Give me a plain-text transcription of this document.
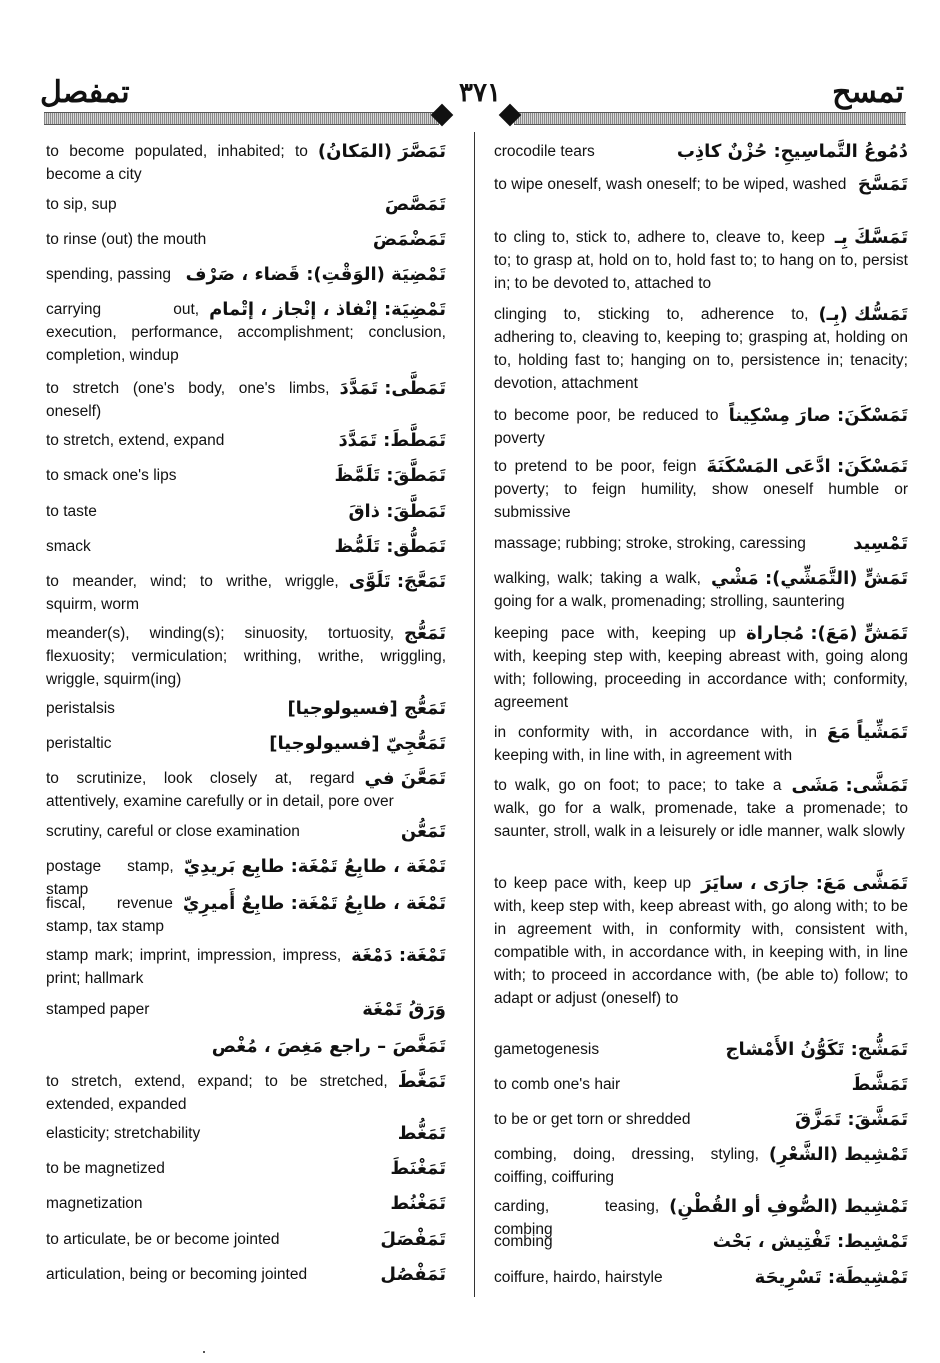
تمفصل	٣٧١	تمسح
تَمَصَّرَ (المَكانُ)
to become populated, inhabited; to become a city
تَمَصَّصَ
to sip, sup
تَمَضْمَضَ
to rinse (out) the mouth
تَمْضِيَة (الوَقْتِ): قَضاء ، صَرْف
spending, passing
تَمْضِيَة: إنْفاذ ، إنْجاز ، إتْمام
carrying out, execution, performance, accomplishment; conclusion, completion, windup
تَمَطَّى: تَمَدَّدَ
to stretch (one's body, one's limbs, oneself)
تَمَطَّطَ: تَمَدَّدَ
to stretch, extend, expand
تَمَطَّقَ: تَلَمَّظَ
to smack one's lips
تَمَطَّقَ: ذاقَ
to taste
تَمَطُّق: تَلَمُّظ
smack
تَمَعَّجَ: تَلَوَّى
to meander, wind; to writhe, wriggle, squirm, worm
تَمَعُّج
meander(s), winding(s); sinuosity, tortuosity, flexuosity; vermiculation; writhing, writhe, wriggling, wriggle, squirm(ing)
تَمَعُّج [فسيولوجيا]
peristalsis
تَمَعُّجِيّ [فسيولوجيا]
peristaltic
تَمَعَّنَ في
to scrutinize, look closely at, regard attentively, examine carefully or in detail, pore over
تَمَعُّن
scrutiny, careful or close examination
تَمْغَة ، طابِعُ تَمْغَة: طابِع بَريدِيّ
postage stamp, stamp
تَمْغَة ، طابِعُ تَمْغَة: طابِعٌ أَميرِيّ
fiscal, revenue stamp, tax stamp
تَمْغَة: دَمْغَة
stamp mark; imprint, impression, impress, print; hallmark
وَرَقُ تَمْغَة
stamped paper
تَمَغَّصَ – راجع مَغِصَ ، مُغْص
تَمَغَّطَ
to stretch, extend, expand; to be stretched, extended, expanded
تَمَغُّط
elasticity; stretchability
تَمَغْنَطَ
to be magnetized
تَمَغْنُط
magnetization
تَمَفْصَلَ
to articulate, be or become jointed
تَمَفْصُل
articulation, being or becoming jointed
دُمُوعُ التَّماسِيحِ: حُزْنٌ كاذِب
crocodile tears
تَمَسَّحَ
to wipe oneself, wash oneself; to be wiped, washed
تَمَسَّكَ بِـ
to cling to, stick to, adhere to, cleave to, keep to; to grasp at, hold on to, hold fast to; to hang on to, persist in; to be devoted to, attached to
تَمَسُّك (بِـ)
clinging to, sticking to, adherence to, adhering to, cleaving to, keeping to; grasping at, holding on to, holding fast to; hanging on to, persistence in; tenacity; devotion, attachment
تَمَسْكَنَ: صارَ مِسْكِيناً
to become poor, be reduced to poverty
تَمَسْكَنَ: ادَّعَى المَسْكَنَةَ
to pretend to be poor, feign poverty; to feign humility, show oneself humble or submissive
تَمْسِيد
massage; rubbing; stroke, stroking, caressing
تَمَشٍّ (التَّمَشِّي): مَشْي
walking, walk; taking a walk, going for a walk, promenading; strolling, sauntering
تَمَشٍّ (مَعَ): مُجاراة
keeping pace with, keeping up with, keeping step with, keeping abreast with, going along with; following, proceeding in accordance with; conformity, agreement
تَمَشِّياً مَعَ
in conformity with, in accordance with, in keeping with, in line with, in agreement with
تَمَشَّى: مَشَى
to walk, go on foot; to pace; to take a walk, go for a walk, promenade, take a promenade; to saunter, stroll, walk in a leisurely or idle manner, walk slowly
تَمَشَّى مَعَ: جارَى ، سايَرَ
to keep pace with, keep up with, keep step with, keep abreast with, go along with; to be in agreement with, in conformity with, consistent with, compatible with, in accordance with, in keeping with, in line with; to proceed in accordance with, (be able to) follow; to adapt or adjust (oneself) to
تَمَشُّج: تَكَوُّنُ الأَمْشاج
gametogenesis
تَمَشَّطَ
to comb one's hair
تَمَشَّقَ: تَمَزَّقَ
to be or get torn or shredded
تَمْشِيط (الشَّعْرِ)
combing, doing, dressing, styling, coiffing, coiffuring
تَمْشِيط (الصُّوفِ أو القُطْنِ)
carding, teasing, combing
تَمْشِيط: تَفْتِيش ، بَحْث
combing
تَمْشِيطَة: تَسْرِيحَة
coiffure, hairdo, hairstyle
